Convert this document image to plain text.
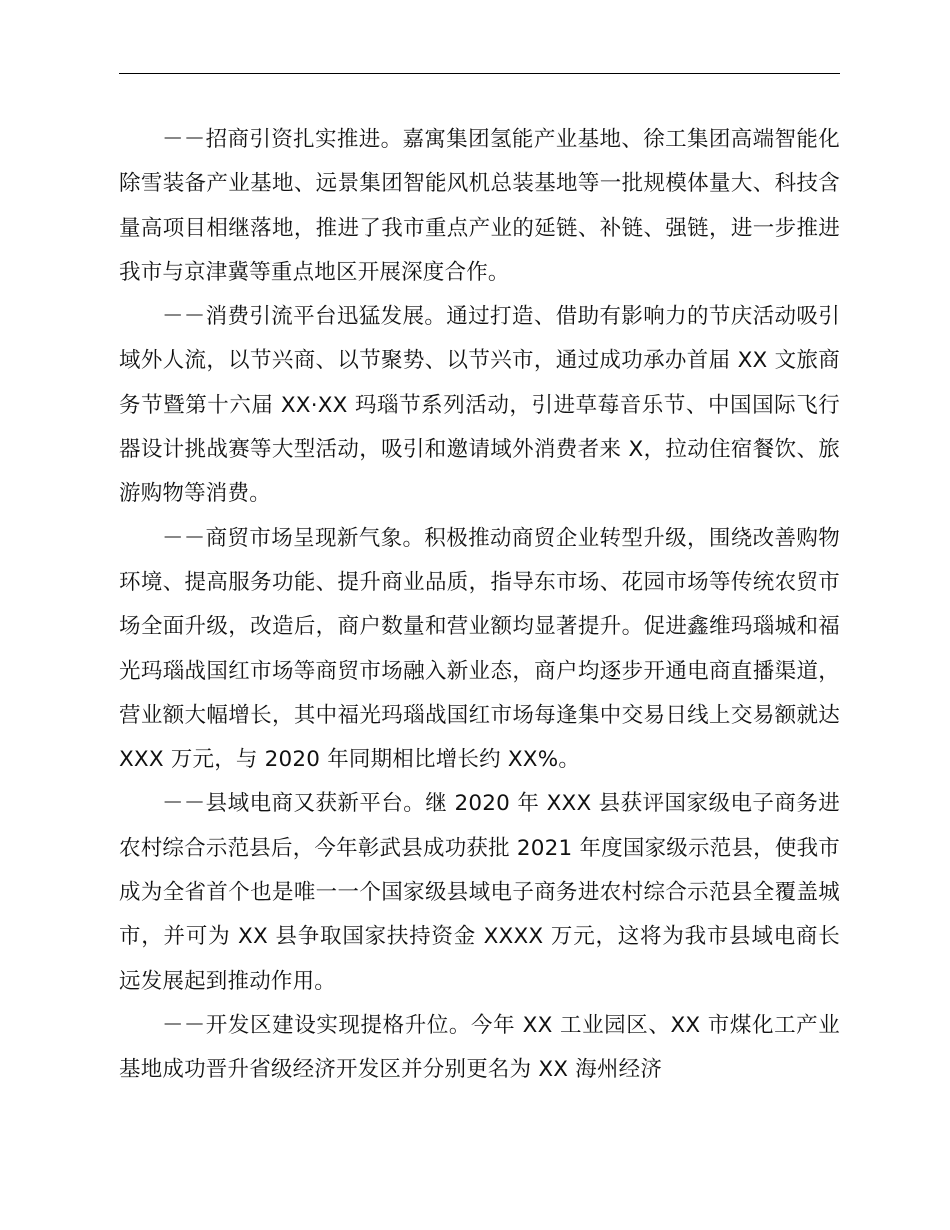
－－招商引资扎实推进。嘉寓集团氢能产业基地、徐工集团高端智能化除雪装备产业基地、远景集团智能风机总装基地等一批规模体量大、科技含量高项目相继落地，推进了我市重点产业的延链、补链、强链，进一步推进我市与京津冀等重点地区开展深度合作。

－－消费引流平台迅猛发展。通过打造、借助有影响力的节庆活动吸引域外人流，以节兴商、以节聚势、以节兴市，通过成功承办首届 XX 文旅商务节暨第十六届 XX·XX 玛瑙节系列活动，引进草莓音乐节、中国国际飞行器设计挑战赛等大型活动，吸引和邀请域外消费者来 X，拉动住宿餐饮、旅游购物等消费。

－－商贸市场呈现新气象。积极推动商贸企业转型升级，围绕改善购物环境、提高服务功能、提升商业品质，指导东市场、花园市场等传统农贸市场全面升级，改造后，商户数量和营业额均显著提升。促进鑫维玛瑙城和福光玛瑙战国红市场等商贸市场融入新业态，商户均逐步开通电商直播渠道，营业额大幅增长，其中福光玛瑙战国红市场每逢集中交易日线上交易额就达 XXX 万元，与 2020 年同期相比增长约 XX%。

－－县域电商又获新平台。继 2020 年 XXX 县获评国家级电子商务进农村综合示范县后，今年彰武县成功获批 2021 年度国家级示范县，使我市成为全省首个也是唯一一个国家级县域电子商务进农村综合示范县全覆盖城市，并可为 XX 县争取国家扶持资金 XXXX 万元，这将为我市县域电商长远发展起到推动作用。

－－开发区建设实现提格升位。今年 XX 工业园区、XX 市煤化工产业基地成功晋升省级经济开发区并分别更名为 XX 海州经济
